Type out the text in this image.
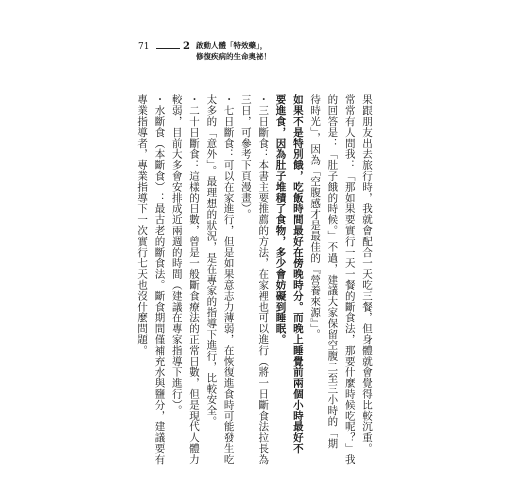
71	2 啟動人體「特效藥」，
修復疾病的生命奧祕！

果跟朋友出去旅行時，我就會配合一天吃三餐，但身體就會覺得比較沉重。

常常有人問我：「那如果要實行一天一餐的斷食法，那要什麼時候吃呢？」我

的回答是：「肚子餓的時候。」不過，建議大家保留空腹二至三小時的「期

待時光」，因為「空腹感才是最佳的『營養來源』」。

如果不是特別餓，吃飯時間最好在傍晚時分。而晚上睡覺前兩個小時最好不

要進食，因為肚子堆積了食物，多少會妨礙到睡眠。

・三日斷食：本書主要推薦的方法，在家裡也可以進行（將一日斷食法拉長為

三日，可參考下頁漫畫）。

・七日斷食：可以在家進行，但是如果意志力薄弱，在恢復進食時可能發生吃

太多的「意外」。最理想的狀況，是在專家的指導下進行，比較安全。

・二十日斷食：這樣的日數，曾是一般斷食療法的正常日數，但是現代人體力

較弱，目前大多會安排成近兩週的時間（建議在專家指導下進行）。

・水斷食（本斷食）：最古老的斷食法。斷食期間僅補充水與鹽分，建議要有

專業指導者，專業指導下一次實行七天也沒什麼問題。
